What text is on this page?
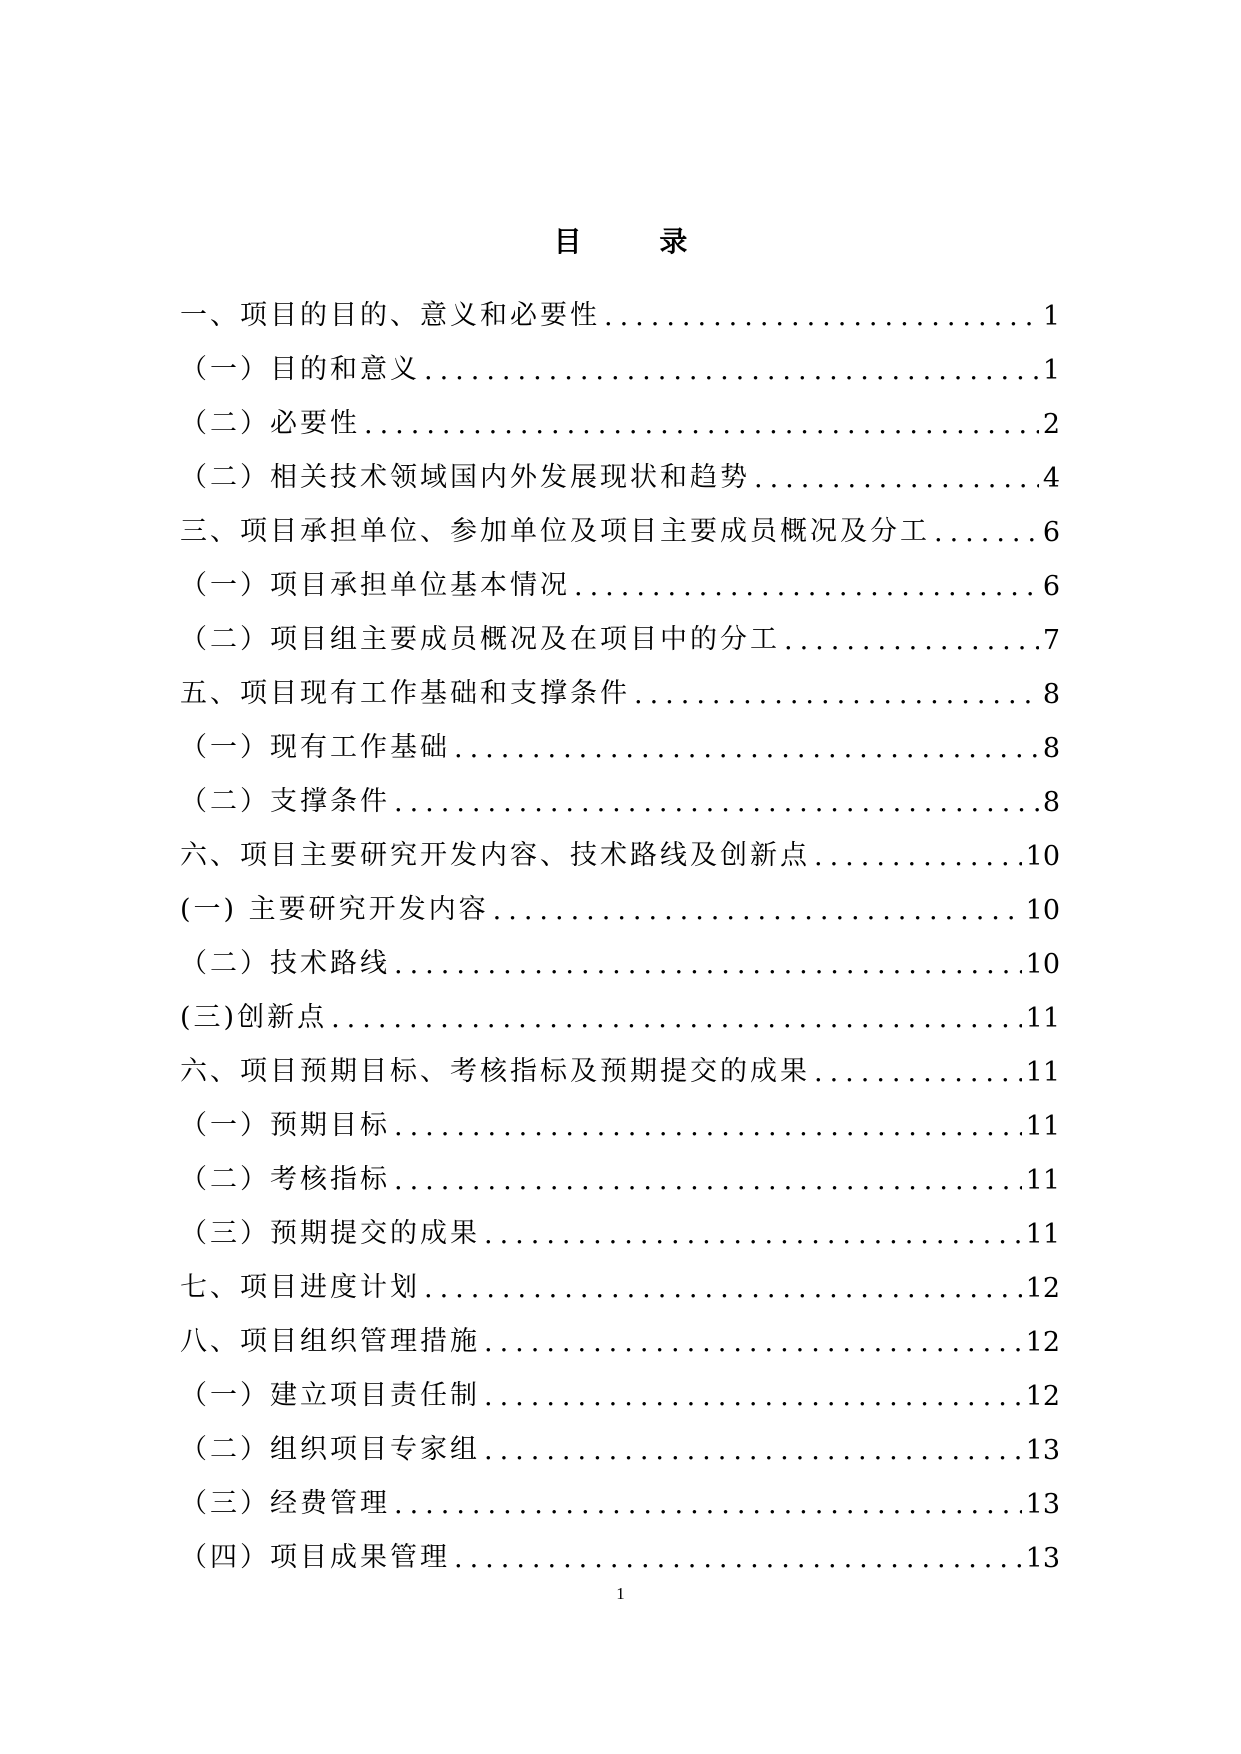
目 录
一、项目的目的、意义和必要性 .....	1
（一）目的和意义 .....	1
（二）必要性 .....	2
（二）相关技术领域国内外发展现状和趋势 .....	4
三、项目承担单位、参加单位及项目主要成员概况及分工 .....	6
（一）项目承担单位基本情况 .....	6
（二）项目组主要成员概况及在项目中的分工 .....	7
五、项目现有工作基础和支撑条件 .....	8
（一）现有工作基础 .....	8
（二）支撑条件 .....	8
六、项目主要研究开发内容、技术路线及创新点 .....	10
(一) 主要研究开发内容 .....	10
（二）技术路线 .....	10
(三)创新点 .....	11
六、项目预期目标、考核指标及预期提交的成果 .....	11
（一）预期目标 .....	11
（二）考核指标 .....	11
（三）预期提交的成果 .....	11
七、项目进度计划 .....	12
八、项目组织管理措施 .....	12
（一）建立项目责任制 .....	12
（二）组织项目专家组 .....	13
（三）经费管理 .....	13
（四）项目成果管理 .....	13
1
